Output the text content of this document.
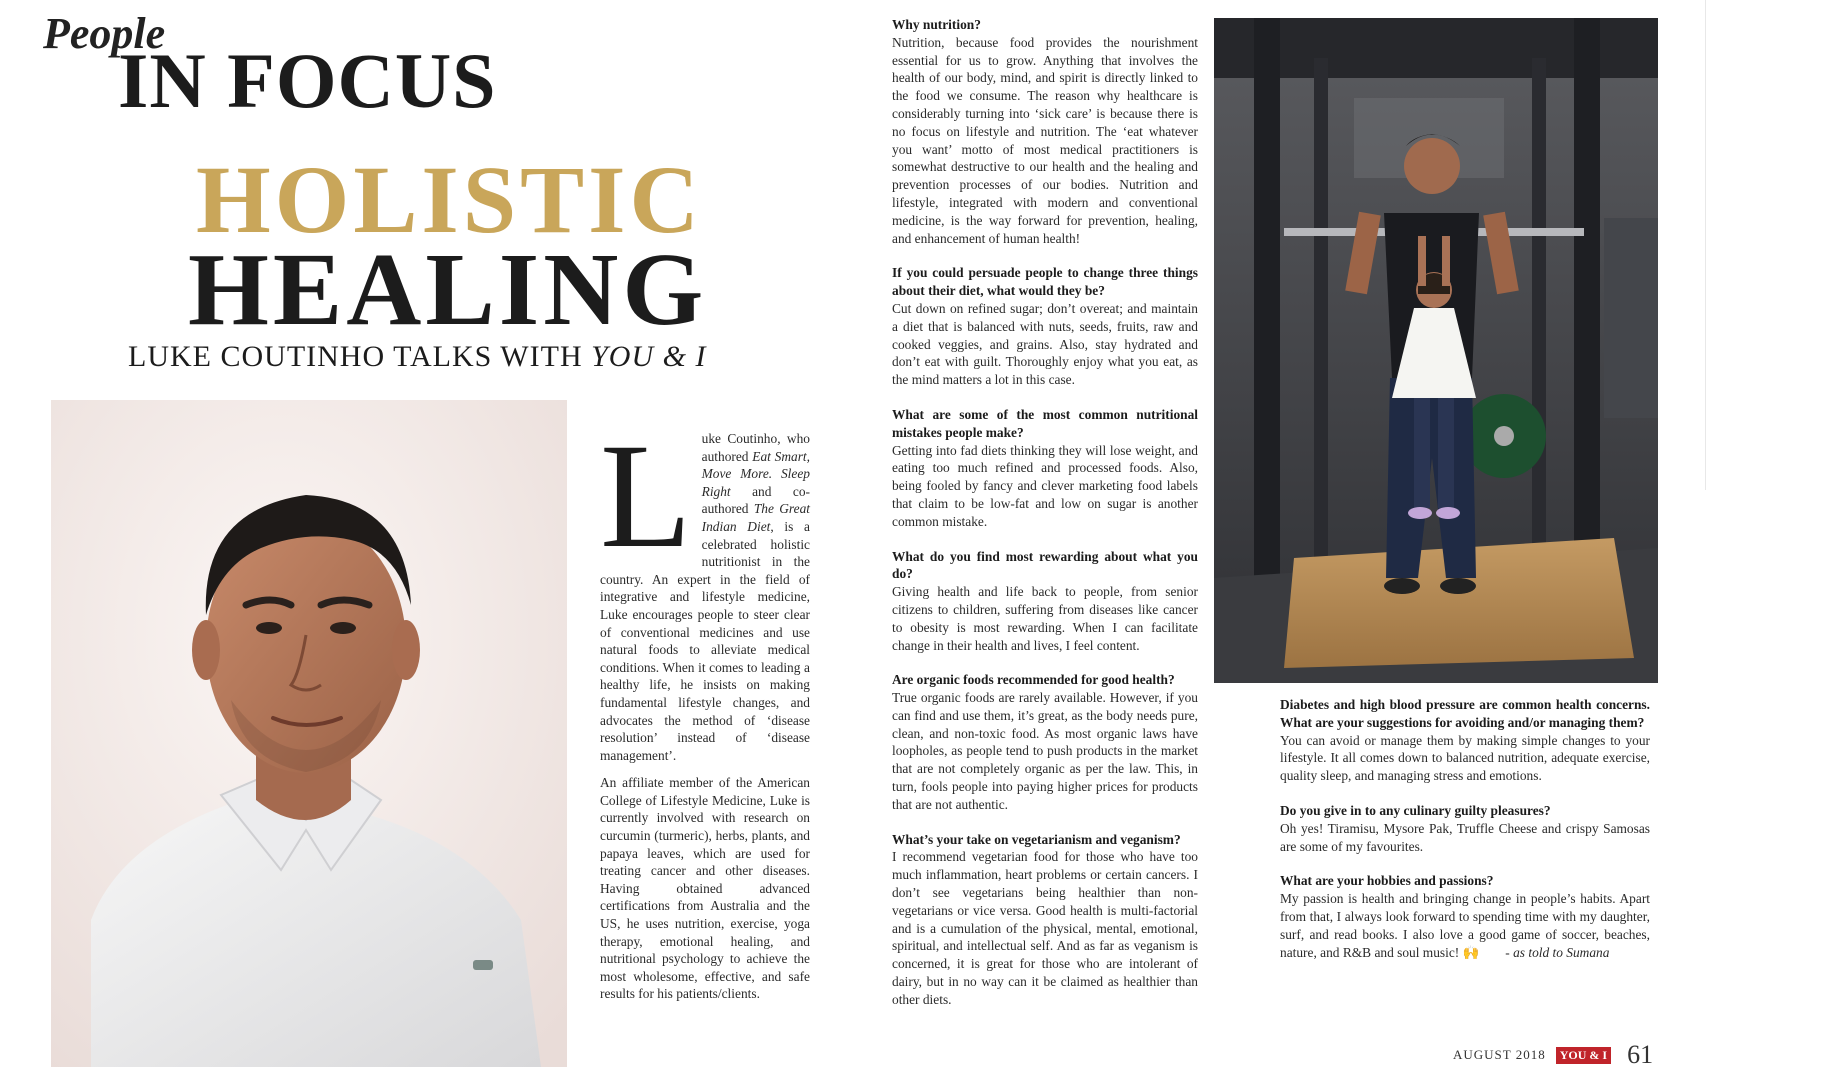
People
IN FOCUS
HOLISTIC
HEALING
LUKE COUTINHO TALKS WITH YOU & I
L uke Coutinho, who authored Eat Smart, Move More. Sleep Right and co-authored The Great Indian Diet, is a celebrated holistic nutritionist in the country. An expert in the field of integrative and lifestyle medicine, Luke encourages people to steer clear of conventional medicines and use natural foods to alleviate medical conditions. When it comes to leading a healthy life, he insists on making fundamental lifestyle changes, and advocates the method of ‘disease resolution’ instead of ‘disease management’.

An affiliate member of the American College of Lifestyle Medicine, Luke is currently involved with research on curcumin (turmeric), herbs, plants, and papaya leaves, which are used for treating cancer and other diseases. Having obtained advanced certifications from Australia and the US, he uses nutrition, exercise, yoga therapy, emotional healing, and nutritional psychology to achieve the most wholesome, effective, and safe results for his patients/clients.

Why nutrition?

Nutrition, because food provides the nourishment essential for us to grow. Anything that involves the health of our body, mind, and spirit is directly linked to the food we consume. The reason why healthcare is considerably turning into ‘sick care’ is because there is no focus on lifestyle and nutrition. The ‘eat whatever you want’ motto of most medical practitioners is somewhat destructive to our health and the healing and prevention processes of our bodies. Nutrition and lifestyle, integrated with modern and conventional medicine, is the way forward for prevention, healing, and enhancement of human health!

If you could persuade people to change three things about their diet, what would they be?

Cut down on refined sugar; don’t overeat; and maintain a diet that is balanced with nuts, seeds, fruits, raw and cooked veggies, and grains. Also, stay hydrated and don’t eat with guilt. Thoroughly enjoy what you eat, as the mind matters a lot in this case.

What are some of the most common nutritional mistakes people make?

Getting into fad diets thinking they will lose weight, and eating too much refined and processed foods. Also, being fooled by fancy and clever marketing food labels that claim to be low-fat and low on sugar is another common mistake.

What do you find most rewarding about what you do?

Giving health and life back to people, from senior citizens to children, suffering from diseases like cancer to obesity is most rewarding. When I can facilitate change in their health and lives, I feel content.

Are organic foods recommended for good health?

True organic foods are rarely available. However, if you can find and use them, it’s great, as the body needs pure, clean, and non-toxic food. As most organic laws have loopholes, as people tend to push products in the market that are not completely organic as per the law. This, in turn, fools people into paying higher prices for products that are not authentic.

What’s your take on vegetarianism and veganism?

I recommend vegetarian food for those who have too much inflammation, heart problems or certain cancers. I don’t see vegetarians being healthier than non-vegetarians or vice versa. Good health is multi-factorial and is a cumulation of the physical, mental, emotional, spiritual, and intellectual self. And as far as veganism is concerned, it is great for those who are intolerant of dairy, but in no way can it be claimed as healthier than other diets.

Diabetes and high blood pressure are common health concerns. What are your suggestions for avoiding and/or managing them?

You can avoid or manage them by making simple changes to your lifestyle. It all comes down to balanced nutrition, adequate exercise, quality sleep, and managing stress and emotions.

Do you give in to any culinary guilty pleasures?

Oh yes! Tiramisu, Mysore Pak, Truffle Cheese and crispy Samosas are some of my favourites.

What are your hobbies and passions?

My passion is health and bringing change in people’s habits. Apart from that, I always look forward to spending time with my daughter, surf, and read books. I also love a good game of soccer, beaches, nature, and R&B and soul music! 🙌 - as told to Sumana

AUGUST 2018 YOU & I 61
